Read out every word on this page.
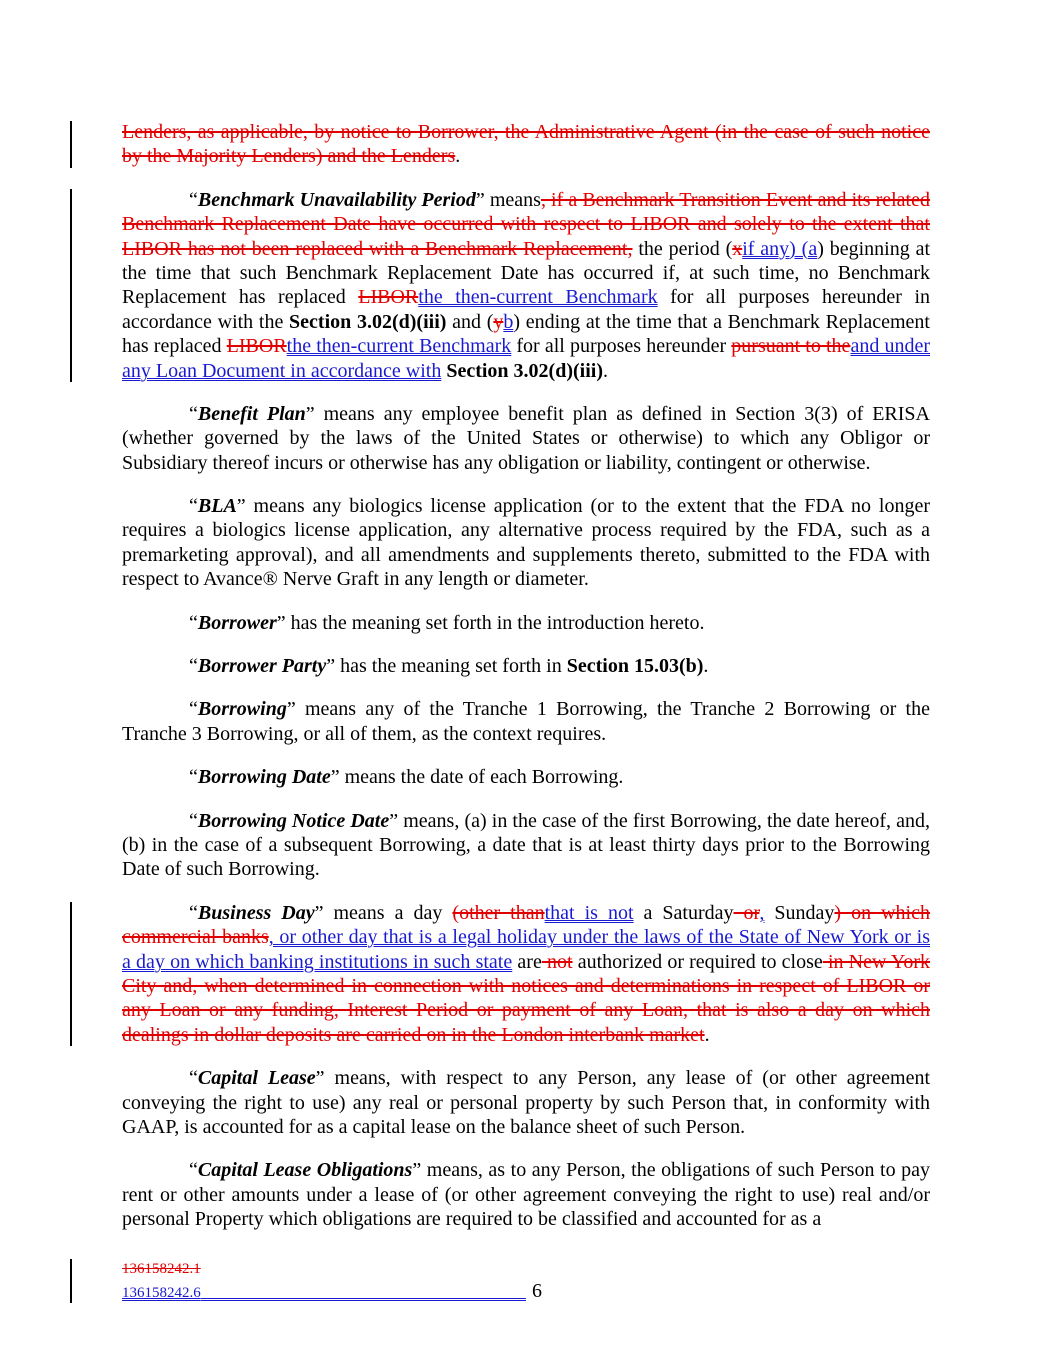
Lenders, as applicable, by notice to Borrower, the Administrative Agent (in the case of such notice by the Majority Lenders) and the Lenders.

“Benchmark Unavailability Period” means, if a Benchmark Transition Event and its related Benchmark Replacement Date have occurred with respect to LIBOR and solely to the extent that LIBOR has not been replaced with a Benchmark Replacement, the period (xif any) (a) beginning at the time that such Benchmark Replacement Date has occurred if, at such time, no Benchmark Replacement has replaced LIBORthe then-current Benchmark for all purposes hereunder in accordance with the Section 3.02(d)(iii) and (yb) ending at the time that a Benchmark Replacement has replaced LIBORthe then-current Benchmark for all purposes hereunder pursuant to theand under any Loan Document in accordance with Section 3.02(d)(iii).

“Benefit Plan” means any employee benefit plan as defined in Section 3(3) of ERISA (whether governed by the laws of the United States or otherwise) to which any Obligor or Subsidiary thereof incurs or otherwise has any obligation or liability, contingent or otherwise.

“BLA” means any biologics license application (or to the extent that the FDA no longer requires a biologics license application, any alternative process required by the FDA, such as a premarketing approval), and all amendments and supplements thereto, submitted to the FDA with respect to Avance® Nerve Graft in any length or diameter.

“Borrower” has the meaning set forth in the introduction hereto.

“Borrower Party” has the meaning set forth in Section 15.03(b).

“Borrowing” means any of the Tranche 1 Borrowing, the Tranche 2 Borrowing or the Tranche 3 Borrowing, or all of them, as the context requires.

“Borrowing Date” means the date of each Borrowing.

“Borrowing Notice Date” means, (a) in the case of the first Borrowing, the date hereof, and, (b) in the case of a subsequent Borrowing, a date that is at least thirty days prior to the Borrowing Date of such Borrowing.

“Business Day” means a day (other thanthat is not a Saturday or, Sunday) on which commercial banks, or other day that is a legal holiday under the laws of the State of New York or is a day on which banking institutions in such state are not authorized or required to close in New York City and, when determined in connection with notices and determinations in respect of LIBOR or any Loan or any funding, Interest Period or payment of any Loan, that is also a day on which dealings in dollar deposits are carried on in the London interbank market.

“Capital Lease” means, with respect to any Person, any lease of (or other agreement conveying the right to use) any real or personal property by such Person that, in conformity with GAAP, is accounted for as a capital lease on the balance sheet of such Person.

“Capital Lease Obligations” means, as to any Person, the obligations of such Person to pay rent or other amounts under a lease of (or other agreement conveying the right to use) real and/or personal Property which obligations are required to be classified and accounted for as a

136158242.1
136158242.6	6
